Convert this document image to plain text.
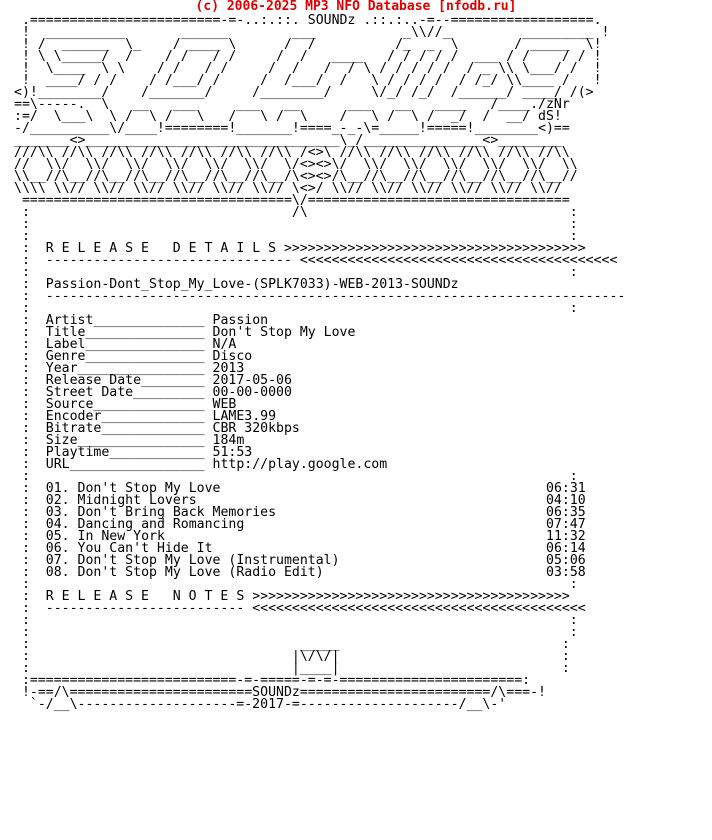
(c) 2006-2025 MP3 NFO Database [nfodb.ru]
.========================-=-..:.::. SOUNDz .::.:..-=--==================.
!  __________       ______        ___           _\\//_         _________ !
! /  ______  \_    / ____ \      /  /          /_  _  \       / _____  \!
! \ \_____/  /    / /   / /     /  /   ____   / / / / /  ___ / /    / / !
!  \____  \ \    / /   / /     /  /   /  / \ / / / / /  / _ \\ \___/ /  !
!  ____/ / /    / /___/ /     /  /___/  /   \ / / / /  / /_/ \\____ /   !
<)!________/    /_______/     /________/     \/_/ /_/  /______/ ____/ /(>
==\-----.  \   __   ___     ___   __      ___   __   ____   /____./zNr
:=/  \___\  \ /  \ /   \   /   \ /  \    /   \ /  \ /  _/  /  __/ dS!
-/__________\/____!========!_______!====_-_-\=_____!=====!________<)==
_______<>________________________________\_/_______________<>________
///\\ //\\ //\\ //\\ //\\ //\\ //\\ /<>\ //\\ //\\ //\\ //\\ //\\ //\\
//  \\/  \\/  \\/  \\/  \\/  \\/  \/<><>\/  \\/  \\/  \\/  \\/  \\/  \\
\\__//\__//\__//\__//\__//\__//\__/\<><>/\__//\__//\__//\__//\__//\__//
\\\\ \\// \\// \\// \\// \\// \\// \<>/ \\// \\// \\// \\// \\// \\//
==================================\/=================================
:                                 /\                                 :
:                                                                    :
:                                                                    :
:  R E L E A S E   D E T A I L S >>>>>>>>>>>>>>>>>>>>>>>>>>>>>>>>>>>>>>
:  ------------------------------- <<<<<<<<<<<<<<<<<<<<<<<<<<<<<<<<<<<<<<<<
:                                                                    :
:  Passion-Dont_Stop_My_Love-(SPLK7033)-WEB-2013-SOUNDz
:  -------------------------------------------------------------------------
:                                                                    :
:  Artist______________ Passion
:  Title_______________ Don't Stop My Love
:  Label_______________ N/A
:  Genre_______________ Disco
:  Year________________ 2013
:  Release Date________ 2017-05-06
:  Street Date_________ 00-00-0000
:  Source______________ WEB
:  Encoder_____________ LAME3.99
:  Bitrate_____________ CBR 320kbps
:  Size________________ 184m
:  Playtime____________ 51:53
:  URL_________________ http://play.google.com
:                                                                    :
:  01. Don't Stop My Love	06:31
:  02. Midnight Lovers	04:10
:  03. Don't Bring Back Memories	06:35
:  04. Dancing and Romancing	07:47
:  05. In New York	11:32
:  06. You Can't Hide It	06:14
:  07. Don't Stop My Love (Instrumental)	05:06
:  08. Don't Stop My Love (Radio Edit)	03:58
:                                                                    :
:  R E L E A S E   N O T E S >>>>>>>>>>>>>>>>>>>>>>>>>>>>>>>>>>>>>>>>
:  ------------------------- <<<<<<<<<<<<<<<<<<<<<<<<<<<<<<<<<<<<<<<<<<
:                                                                    :
:                                                                    :
:                                  _____                            :
:                                 |\/\/|                            :
:                                 |____|                            :
:==========================-=-=====-=-=-=======================:
!-==/\=======================SOUNDz========================/\===-!
`-/__\--------------------=-2017-=--------------------/__\-'
